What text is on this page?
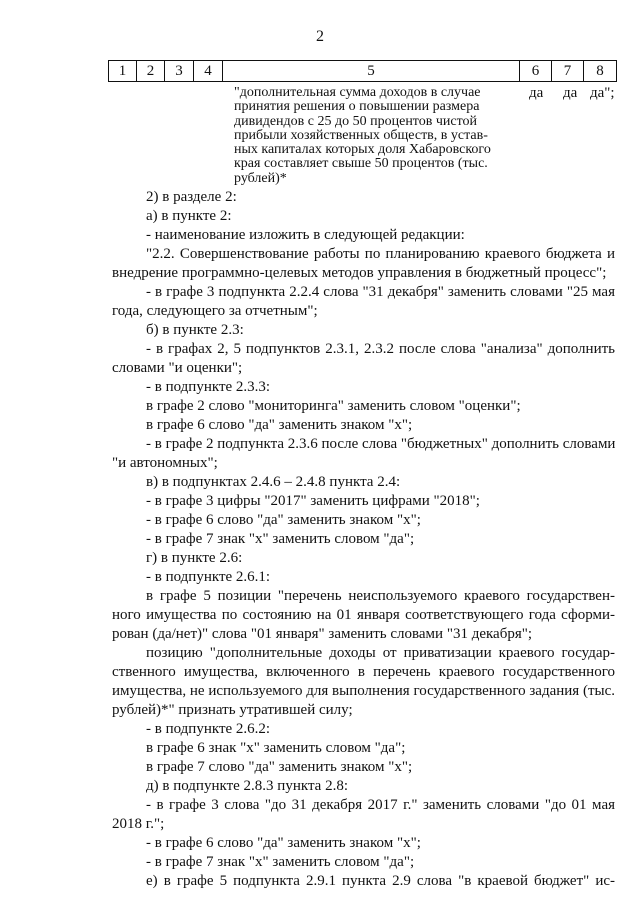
2
1	2	3	4	5	6	7	8
"дополнительная сумма доходов в случае
принятия решения о повышении размера
дивидендов с 25 до 50 процентов чистой
прибыли хозяйственных обществ, в устав-
ных капиталах которых доля Хабаровского
края составляет свыше 50 процентов (тыс.
рублей)*
да да да";
2) в разделе 2:
а) в пункте 2:
- наименование изложить в следующей редакции:
"2.2. Совершенствование работы по планированию краевого бюджета и
внедрение программно-целевых методов управления в бюджетный процесс";
- в графе 3 подпункта 2.2.4 слова "31 декабря" заменить словами "25 мая
года, следующего за отчетным";
б) в пункте 2.3:
- в графах 2, 5 подпунктов 2.3.1, 2.3.2 после слова "анализа" дополнить
словами "и оценки";
- в подпункте 2.3.3:
в графе 2 слово "мониторинга" заменить словом "оценки";
в графе 6 слово "да" заменить знаком "х";
- в графе 2 подпункта 2.3.6 после слова "бюджетных" дополнить словами
"и автономных";
в) в подпунктах 2.4.6 – 2.4.8 пункта 2.4:
- в графе 3 цифры "2017" заменить цифрами "2018";
- в графе 6 слово "да" заменить знаком "х";
- в графе 7 знак "х" заменить словом "да";
г) в пункте 2.6:
- в подпункте 2.6.1:
в графе 5 позиции "перечень неиспользуемого краевого государствен-
ного имущества по состоянию на 01 января соответствующего года сформи-
рован (да/нет)" слова "01 января" заменить словами "31 декабря";
позицию "дополнительные доходы от приватизации краевого государ-
ственного имущества, включенного в перечень краевого государственного
имущества, не используемого для выполнения государственного задания (тыс.
рублей)*" признать утратившей силу;
- в подпункте 2.6.2:
в графе 6 знак "х" заменить словом "да";
в графе 7 слово "да" заменить знаком "х";
д) в подпункте 2.8.3 пункта 2.8:
- в графе 3 слова "до 31 декабря 2017 г." заменить словами "до 01 мая
2018 г.";
- в графе 6 слово "да" заменить знаком "х";
- в графе 7 знак "х" заменить словом "да";
е) в графе 5 подпункта 2.9.1 пункта 2.9 слова "в краевой бюджет" ис-
